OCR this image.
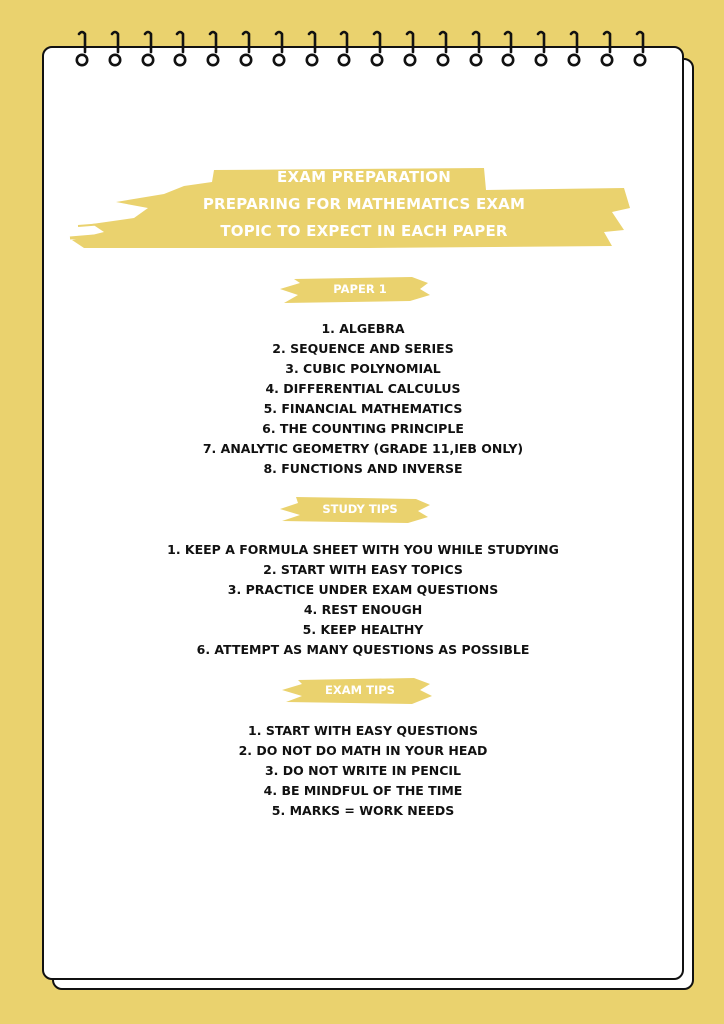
EXAM PREPARATION
PREPARING FOR MATHEMATICS EXAM
TOPIC TO EXPECT IN EACH PAPER
PAPER 1
1. ALGEBRA
2. SEQUENCE AND SERIES
3. CUBIC POLYNOMIAL
4. DIFFERENTIAL CALCULUS
5. FINANCIAL MATHEMATICS
6. THE COUNTING PRINCIPLE
7. ANALYTIC GEOMETRY (GRADE 11,IEB ONLY)
8. FUNCTIONS AND INVERSE
STUDY TIPS
1. KEEP A FORMULA SHEET WITH YOU WHILE STUDYING
2. START WITH EASY TOPICS
3. PRACTICE UNDER EXAM QUESTIONS
4. REST ENOUGH
5. KEEP HEALTHY
6. ATTEMPT AS MANY QUESTIONS AS POSSIBLE
EXAM TIPS
1. START WITH EASY QUESTIONS
2. DO NOT DO MATH IN YOUR HEAD
3. DO NOT WRITE IN PENCIL
4. BE MINDFUL OF THE TIME
5. MARKS = WORK NEEDS
